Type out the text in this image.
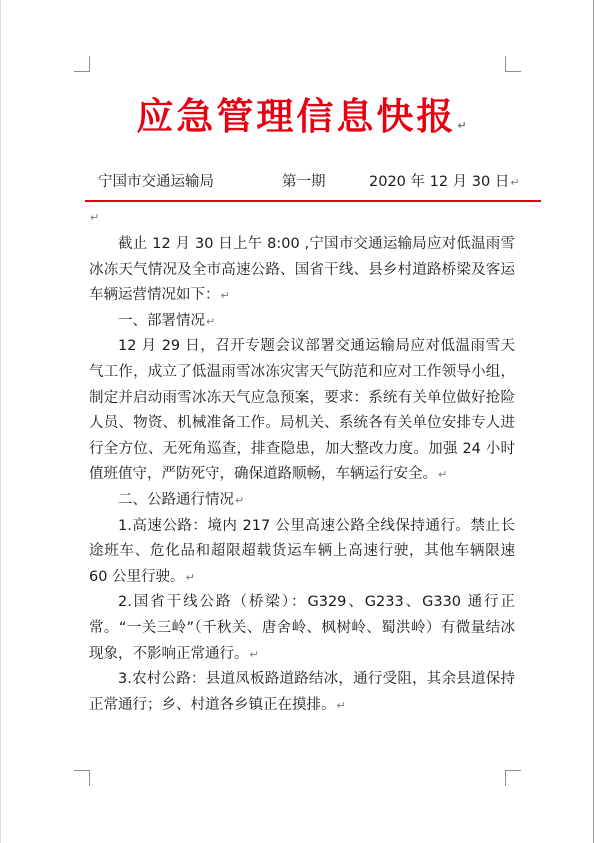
应急管理信息快报↵
宁国市交通运输局	第一期	2020 年 12 月 30 日↵
↵

截止 12 月 30 日上午 8:00 ,宁国市交通运输局应对低温雨雪冰冻天气情况及全市高速公路、国省干线、县乡村道路桥梁及客运车辆运营情况如下：↵

一、部署情况↵

12 月 29 日，召开专题会议部署交通运输局应对低温雨雪天气工作，成立了低温雨雪冰冻灾害天气防范和应对工作领导小组，制定并启动雨雪冰冻天气应急预案，要求：系统有关单位做好抢险人员、物资、机械准备工作。局机关、系统各有关单位安排专人进行全方位、无死角巡查，排查隐患，加大整改力度。加强 24 小时值班值守，严防死守，确保道路顺畅，车辆运行安全。↵

二、公路通行情况↵

1.高速公路：境内 217 公里高速公路全线保持通行。禁止长途班车、危化品和超限超载货运车辆上高速行驶，其他车辆限速 60 公里行驶。↵

2.国省干线公路（桥梁）：G329、G233、G330 通行正常。“一关三岭”（千秋关、唐舍岭、枫树岭、蜀洪岭）有微量结冰现象，不影响正常通行。↵

3.农村公路：县道凤板路道路结冰，通行受阻，其余县道保持正常通行；乡、村道各乡镇正在摸排。↵
